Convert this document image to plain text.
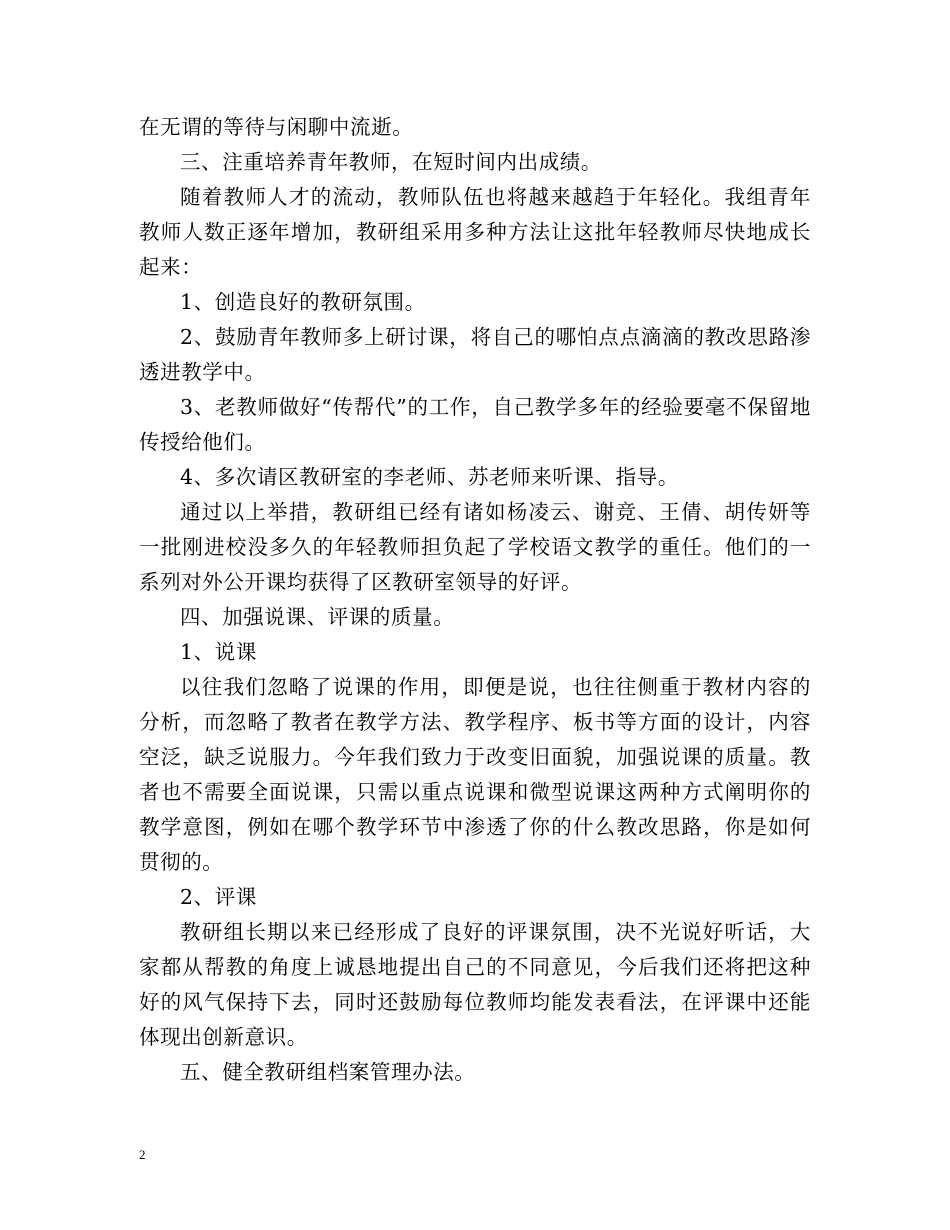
在无谓的等待与闲聊中流逝。

三、注重培养青年教师，在短时间内出成绩。

随着教师人才的流动，教师队伍也将越来越趋于年轻化。我组青年教师人数正逐年增加，教研组采用多种方法让这批年轻教师尽快地成长起来：

1、创造良好的教研氛围。

2、鼓励青年教师多上研讨课，将自己的哪怕点点滴滴的教改思路渗透进教学中。

3、老教师做好“传帮代”的工作，自己教学多年的经验要毫不保留地传授给他们。

4、多次请区教研室的李老师、苏老师来听课、指导。

通过以上举措，教研组已经有诸如杨凌云、谢竞、王倩、胡传妍等一批刚进校没多久的年轻教师担负起了学校语文教学的重任。他们的一系列对外公开课均获得了区教研室领导的好评。

四、加强说课、评课的质量。

1、说课

以往我们忽略了说课的作用，即便是说，也往往侧重于教材内容的分析，而忽略了教者在教学方法、教学程序、板书等方面的设计，内容空泛，缺乏说服力。今年我们致力于改变旧面貌，加强说课的质量。教者也不需要全面说课，只需以重点说课和微型说课这两种方式阐明你的教学意图，例如在哪个教学环节中渗透了你的什么教改思路，你是如何贯彻的。

2、评课

教研组长期以来已经形成了良好的评课氛围，决不光说好听话，大家都从帮教的角度上诚恳地提出自己的不同意见，今后我们还将把这种好的风气保持下去，同时还鼓励每位教师均能发表看法，在评课中还能体现出创新意识。

五、健全教研组档案管理办法。

2
